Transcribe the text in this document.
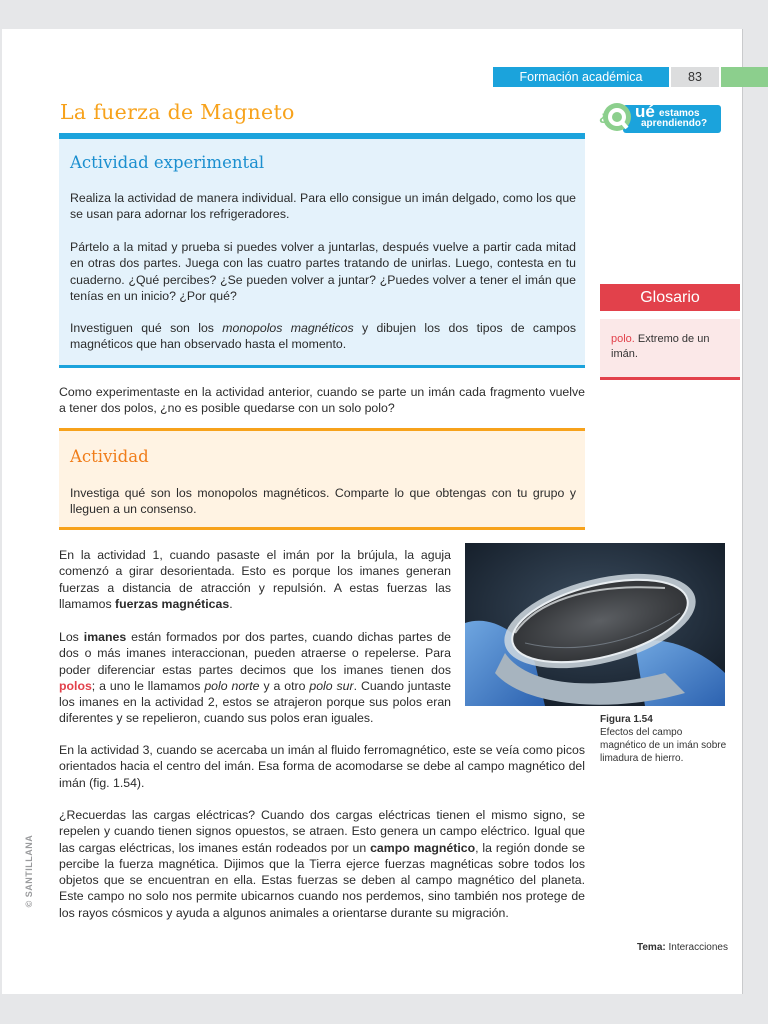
Formación académica	83
La fuerza de Magneto	¿ ué estamos
aprendiendo?
Actividad experimental

Realiza la actividad de manera individual. Para ello consigue un imán delgado, como los que se usan para adornar los refrigeradores.

Pártelo a la mitad y prueba si puedes volver a juntarlas, después vuelve a partir cada mitad en otras dos partes. Juega con las cuatro partes tratando de unirlas. Luego, contesta en tu cuaderno. ¿Qué percibes? ¿Se pueden volver a juntar? ¿Puedes volver a tener el imán que tenías en un inicio? ¿Por qué?

Investiguen qué son los monopolos magnéticos y dibujen los dos tipos de campos magnéticos que han observado hasta el momento.

Glosario

polo. Extremo de un imán.

Como experimentaste en la actividad anterior, cuando se parte un imán cada fragmento vuelve a tener dos polos, ¿no es posible quedarse con un solo polo?

Actividad

Investiga qué son los monopolos magnéticos. Comparte lo que obtengas con tu grupo y lleguen a un consenso.

En la actividad 1, cuando pasaste el imán por la brújula, la aguja comenzó a girar desorientada. Esto es porque los imanes generan fuerzas a distancia de atracción y repulsión. A estas fuerzas las llamamos fuerzas magnéticas.

Los imanes están formados por dos partes, cuando dichas partes de dos o más imanes interaccionan, pueden atraerse o repelerse. Para poder diferenciar estas partes decimos que los imanes tienen dos polos; a uno le llamamos polo norte y a otro polo sur. Cuando juntaste los imanes en la actividad 2, estos se atrajeron porque sus polos eran diferentes y se repelieron, cuando sus polos eran iguales.	Figura 1.54
Efectos del campo magnético de un imán sobre limadura de hierro.

En la actividad 3, cuando se acercaba un imán al fluido ferromagnético, este se veía como picos orientados hacia el centro del imán. Esa forma de acomodarse se debe al campo magnético del imán (fig. 1.54).

¿Recuerdas las cargas eléctricas? Cuando dos cargas eléctricas tienen el mismo signo, se repelen y cuando tienen signos opuestos, se atraen. Esto genera un campo eléctrico. Igual que las cargas eléctricas, los imanes están rodeados por un campo magnético, la región donde se percibe la fuerza magnética. Dijimos que la Tierra ejerce fuerzas magnéticas sobre todos los objetos que se encuentran en ella. Estas fuerzas se deben al campo magnético del planeta. Este campo no solo nos permite ubicarnos cuando nos perdemos, sino también nos protege de los rayos cósmicos y ayuda a algunos animales a orientarse durante su migración.

© SANTILLANA
Tema: Interacciones
